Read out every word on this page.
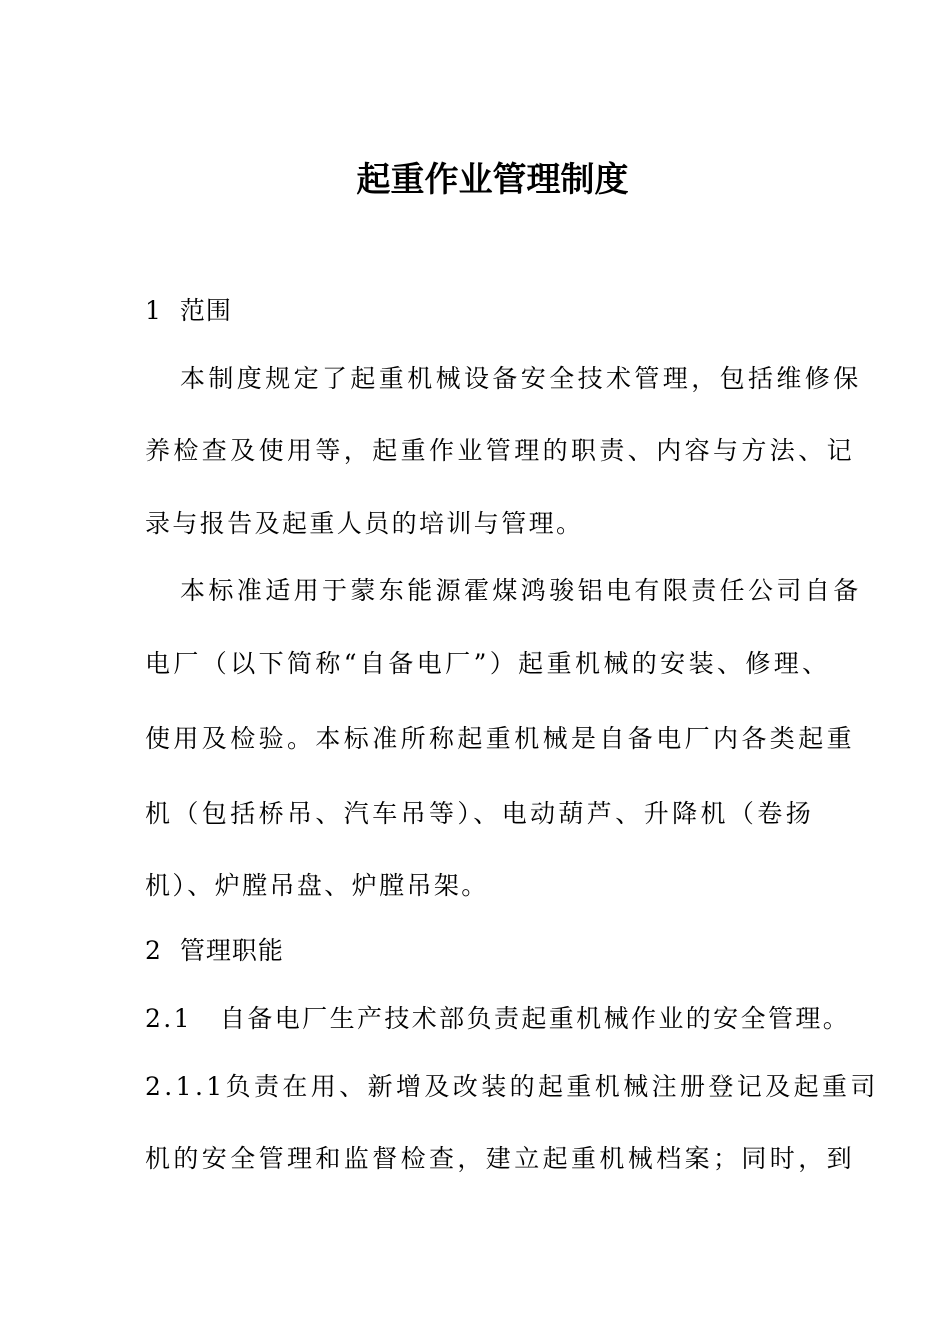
起重作业管理制度
1 范围
本制度规定了起重机械设备安全技术管理，包括维修保
养检查及使用等，起重作业管理的职责、内容与方法、记
录与报告及起重人员的培训与管理。
本标准适用于蒙东能源霍煤鸿骏铝电有限责任公司自备
电厂（以下简称“自备电厂”）起重机械的安装、修理、
使用及检验。本标准所称起重机械是自备电厂内各类起重
机（包括桥吊、汽车吊等）、电动葫芦、升降机（卷扬
机）、炉膛吊盘、炉膛吊架。
2 管理职能
2.1 自备电厂生产技术部负责起重机械作业的安全管理。
2.1.1负责在用、新增及改装的起重机械注册登记及起重司
机的安全管理和监督检查，建立起重机械档案；同时，到
